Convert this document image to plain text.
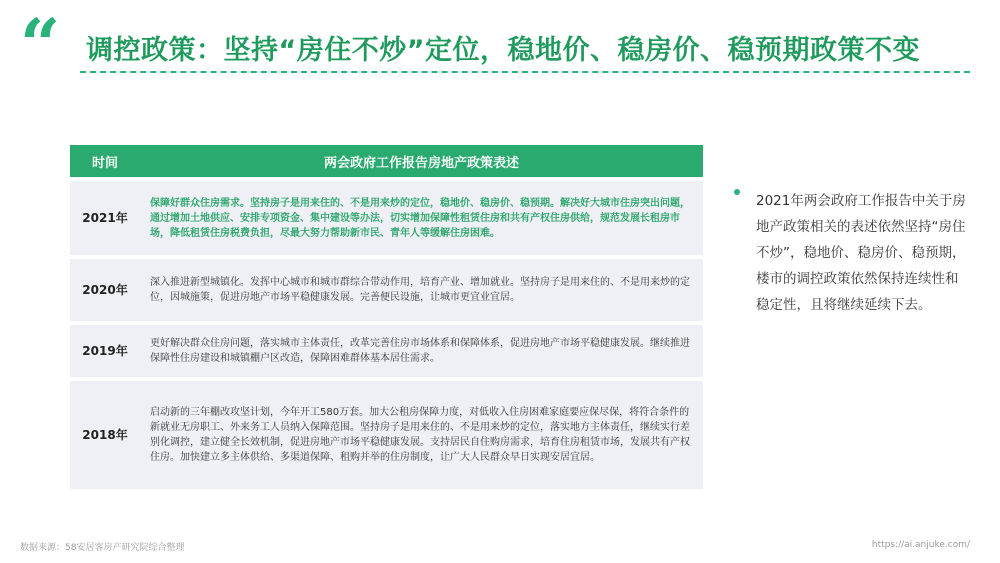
“ 调控政策：坚持“房住不炒”定位，稳地价、稳房价、稳预期政策不变
时间	两会政府工作报告房地产政策表述
2021年	保障好群众住房需求。坚持房子是用来住的、不是用来炒的定位，稳地价、稳房价、稳预期。解决好大城市住房突出问题，通过增加土地供应、安排专项资金、集中建设等办法，切实增加保障性租赁住房和共有产权住房供给，规范发展长租房市场，降低租赁住房税费负担，尽最大努力帮助新市民、青年人等缓解住房困难。
2020年	深入推进新型城镇化。发挥中心城市和城市群综合带动作用，培育产业、增加就业。坚持房子是用来住的、不是用来炒的定位，因城施策，促进房地产市场平稳健康发展。完善便民设施，让城市更宜业宜居。
2019年	更好解决群众住房问题，落实城市主体责任，改革完善住房市场体系和保障体系，促进房地产市场平稳健康发展。继续推进保障性住房建设和城镇棚户区改造，保障困难群体基本居住需求。
2018年	启动新的三年棚改攻坚计划，今年开工580万套。加大公租房保障力度，对低收入住房困难家庭要应保尽保，将符合条件的新就业无房职工、外来务工人员纳入保障范围。坚持房子是用来住的、不是用来炒的定位，落实地方主体责任，继续实行差别化调控，建立健全长效机制，促进房地产市场平稳健康发展。支持居民自住购房需求，培育住房租赁市场，发展共有产权住房。加快建立多主体供给、多渠道保障、租购并举的住房制度，让广大人民群众早日实现安居宜居。
2021年两会政府工作报告中关于房地产政策相关的表述依然坚持“房住不炒”，稳地价、稳房价、稳预期，楼市的调控政策依然保持连续性和稳定性，且将继续延续下去。
数据来源：58安居客房产研究院综合整理	https://ai.anjuke.com/
